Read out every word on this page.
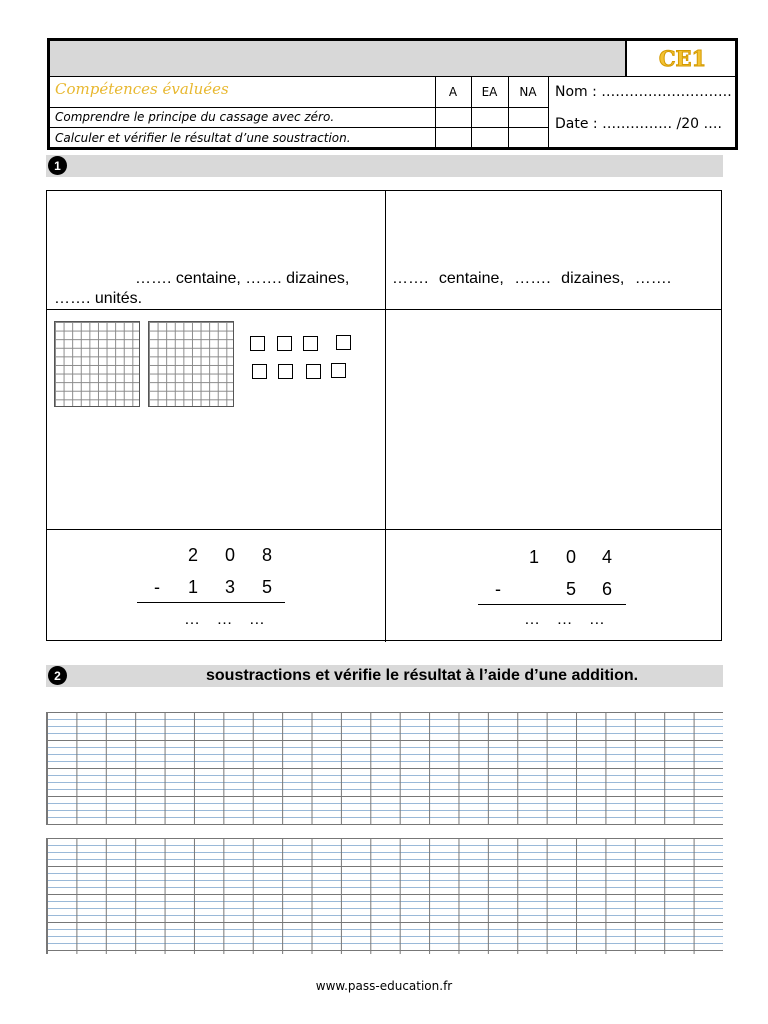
CE1
Compétences évaluées	A	EA	NA
Comprendre le principe du cassage avec zéro.
Calculer et vérifier le résultat d’une soustraction.
Nom : ……………………….
Date : …………… /20 ….
1
……. centaine, ……. dizaines,
……. unités.
……. centaine, ……. dizaines, …….
2 0 8
-	1 3 5
… … …
1 0 4
-	5 6
… … …
2	soustractions et vérifie le résultat à l’aide d’une addition.
www.pass-education.fr
